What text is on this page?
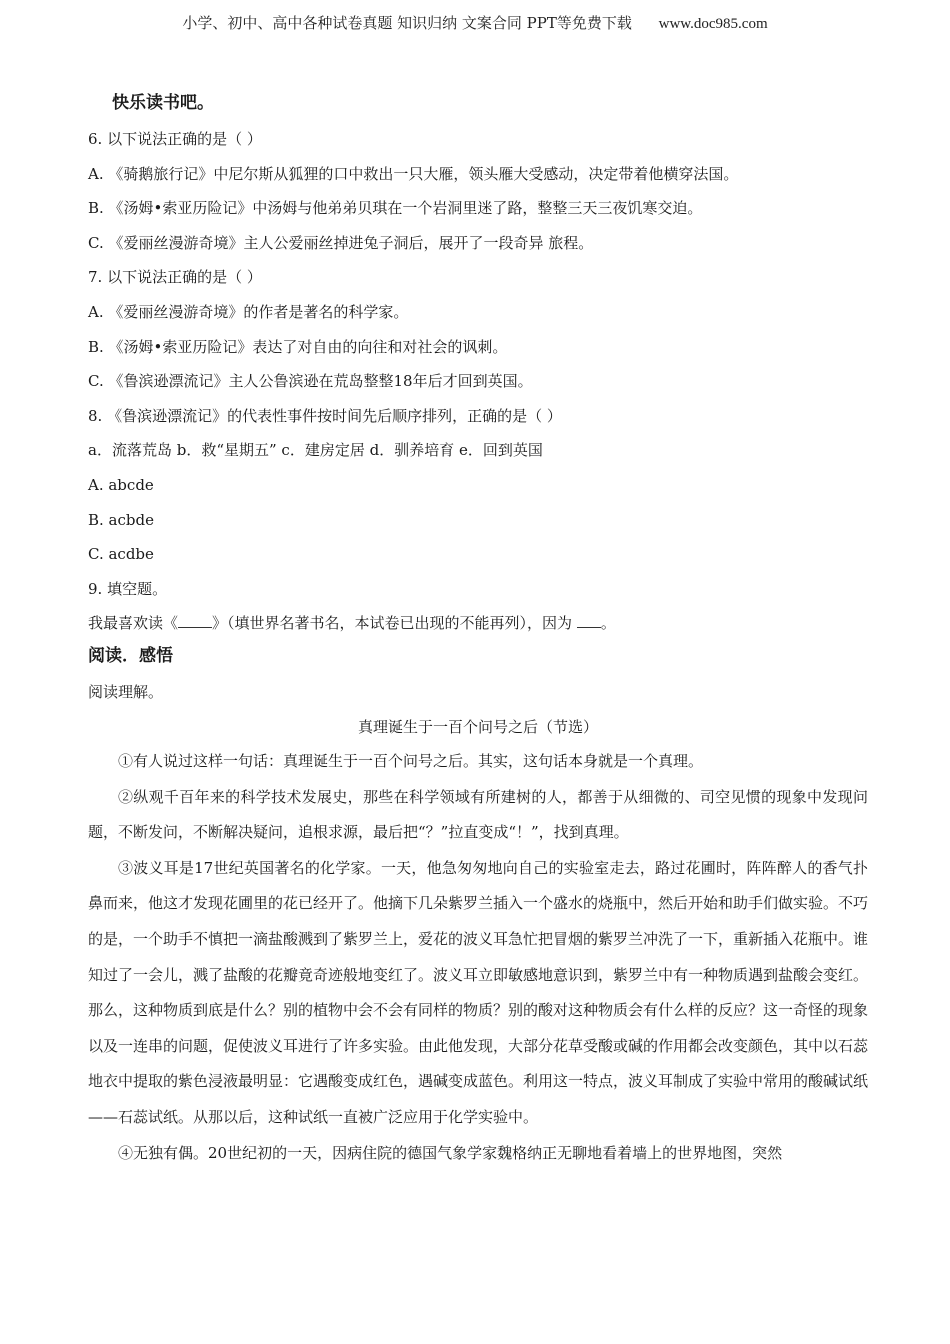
小学、初中、高中各种试卷真题 知识归纳 文案合同 PPT等免费下载 www.doc985.com
快乐读书吧。
6. 以下说法正确的是（ ）
A. 《骑鹅旅行记》中尼尔斯从狐狸的口中救出一只大雁，领头雁大受感动，决定带着他横穿法国。
B. 《汤姆•索亚历险记》中汤姆与他弟弟贝琪在一个岩洞里迷了路，整整三天三夜饥寒交迫。
C. 《爱丽丝漫游奇境》主人公爱丽丝掉进兔子洞后，展开了一段奇异 旅程。
7. 以下说法正确的是（ ）
A. 《爱丽丝漫游奇境》的作者是著名的科学家。
B. 《汤姆•索亚历险记》表达了对自由的向往和对社会的讽刺。
C. 《鲁滨逊漂流记》主人公鲁滨逊在荒岛整整18年后才回到英国。
8. 《鲁滨逊漂流记》的代表性事件按时间先后顺序排列，正确的是（ ）
a．流落荒岛 b．救“星期五” c．建房定居 d．驯养培育 e．回到英国
A. abcde
B. acbde
C. acdbe
9. 填空题。
我最喜欢读《 》（填世界名著书名，本试卷已出现的不能再列），因为 。
阅读．感悟
阅读理解。
真理诞生于一百个问号之后（节选）

①有人说过这样一句话：真理诞生于一百个问号之后。其实，这句话本身就是一个真理。

②纵观千百年来的科学技术发展史，那些在科学领域有所建树的人，都善于从细微的、司空见惯的现象中发现问题，不断发问，不断解决疑问，追根求源，最后把“？”拉直变成“！”，找到真理。

③波义耳是17世纪英国著名的化学家。一天，他急匆匆地向自己的实验室走去，路过花圃时，阵阵醉人的香气扑鼻而来，他这才发现花圃里的花已经开了。他摘下几朵紫罗兰插入一个盛水的烧瓶中，然后开始和助手们做实验。不巧的是，一个助手不慎把一滴盐酸溅到了紫罗兰上，爱花的波义耳急忙把冒烟的紫罗兰冲洗了一下，重新插入花瓶中。谁知过了一会儿，溅了盐酸的花瓣竟奇迹般地变红了。波义耳立即敏感地意识到，紫罗兰中有一种物质遇到盐酸会变红。那么，这种物质到底是什么？别的植物中会不会有同样的物质？别的酸对这种物质会有什么样的反应？这一奇怪的现象以及一连串的问题，促使波义耳进行了许多实验。由此他发现，大部分花草受酸或碱的作用都会改变颜色，其中以石蕊地衣中提取的紫色浸液最明显：它遇酸变成红色，遇碱变成蓝色。利用这一特点，波义耳制成了实验中常用的酸碱试纸——石蕊试纸。从那以后，这种试纸一直被广泛应用于化学实验中。

④无独有偶。20世纪初的一天，因病住院的德国气象学家魏格纳正无聊地看着墙上的世界地图，突然
